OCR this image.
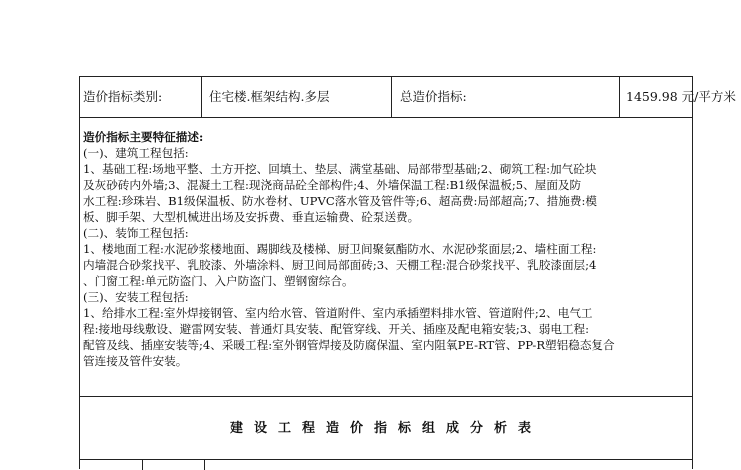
造价指标类别:	住宅楼.框架结构.多层	总造价指标:	1459.98 元/平方米

造价指标主要特征描述:

(一)、建筑工程包括:

1、基础工程:场地平整、土方开挖、回填土、垫层、满堂基础、局部带型基础;2、砌筑工程:加气砼块

及灰砂砖内外墙;3、混凝土工程:现浇商品砼全部构件;4、外墙保温工程:B1级保温板;5、屋面及防

水工程:珍珠岩、B1级保温板、防水卷材、UPVC落水管及管件等;6、超高费:局部超高;7、措施费:模

板、脚手架、大型机械进出场及安拆费、垂直运输费、砼泵送费。

(二)、装饰工程包括:

1、楼地面工程:水泥砂浆楼地面、踢脚线及楼梯、厨卫间聚氨酯防水、水泥砂浆面层;2、墙柱面工程:

内墙混合砂浆找平、乳胶漆、外墙涂料、厨卫间局部面砖;3、天棚工程:混合砂浆找平、乳胶漆面层;4

、门窗工程:单元防盗门、入户防盗门、塑钢窗综合。

(三)、安装工程包括:

1、给排水工程:室外焊接钢管、室内给水管、管道附件、室内承插塑料排水管、管道附件;2、电气工

程:接地母线敷设、避雷网安装、普通灯具安装、配管穿线、开关、插座及配电箱安装;3、弱电工程:

配管及线、插座安装等;4、采暖工程:室外钢管焊接及防腐保温、室内阻氧PE-RT管、PP-R塑铝稳态复合

管连接及管件安装。

建设工程造价指标组成分析表
